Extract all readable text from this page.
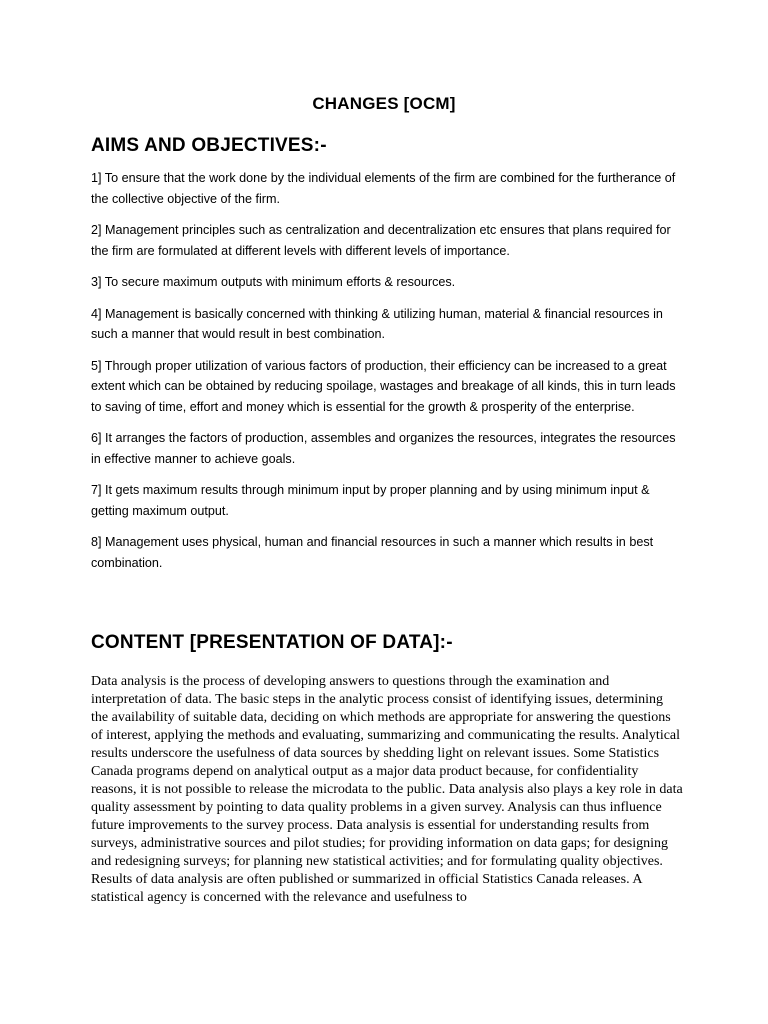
CHANGES [OCM]
AIMS AND OBJECTIVES:-

1] To ensure that the work done by the individual elements of the firm are combined for the furtherance of the collective objective of the firm.

2] Management principles such as centralization and decentralization etc ensures that plans required for the firm are formulated at different levels with different levels of importance.

3] To secure maximum outputs with minimum efforts & resources.

4] Management is basically concerned with thinking & utilizing human, material & financial resources in such a manner that would result in best combination.

5] Through proper utilization of various factors of production, their efficiency can be increased to a great extent which can be obtained by reducing spoilage, wastages and breakage of all kinds, this in turn leads to saving of time, effort and money which is essential for the growth & prosperity of the enterprise.

6] It arranges the factors of production, assembles and organizes the resources, integrates the resources in effective manner to achieve goals.

7] It gets maximum results through minimum input by proper planning and by using minimum input & getting maximum output.

8] Management uses physical, human and financial resources in such a manner which results in best combination.

CONTENT [PRESENTATION OF DATA]:-

Data analysis is the process of developing answers to questions through the examination and interpretation of data. The basic steps in the analytic process consist of identifying issues, determining the availability of suitable data, deciding on which methods are appropriate for answering the questions of interest, applying the methods and evaluating, summarizing and communicating the results. Analytical results underscore the usefulness of data sources by shedding light on relevant issues. Some Statistics Canada programs depend on analytical output as a major data product because, for confidentiality reasons, it is not possible to release the microdata to the public. Data analysis also plays a key role in data quality assessment by pointing to data quality problems in a given survey. Analysis can thus influence future improvements to the survey process. Data analysis is essential for understanding results from surveys, administrative sources and pilot studies; for providing information on data gaps; for designing and redesigning surveys; for planning new statistical activities; and for formulating quality objectives. Results of data analysis are often published or summarized in official Statistics Canada releases. A statistical agency is concerned with the relevance and usefulness to
